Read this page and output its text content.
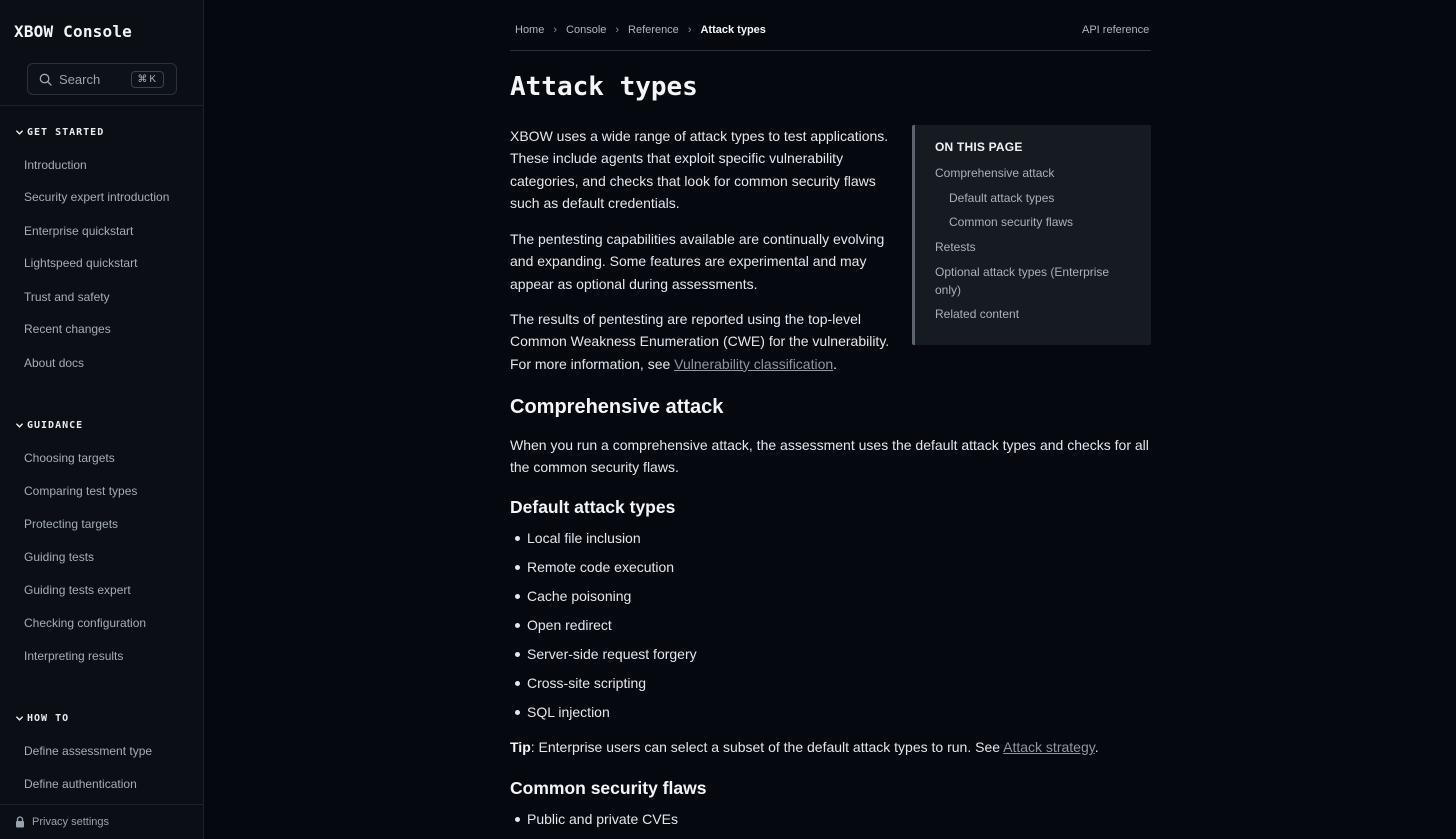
XBOW Console
Search	⌘K
GET STARTED
Introduction
Security expert introduction
Enterprise quickstart
Lightspeed quickstart
Trust and safety
Recent changes
About docs
GUIDANCE
Choosing targets
Comparing test types
Protecting targets
Guiding tests
Guiding tests expert
Checking configuration
Interpreting results
HOW TO
Define assessment type
Define authentication
Privacy settings
Home › Console › Reference › Attack types	API reference
Attack types

XBOW uses a wide range of attack types to test applications. These include agents that exploit specific vulnerability categories, and checks that look for common security flaws such as default credentials.

The pentesting capabilities available are continually evolving and expanding. Some features are experimental and may appear as optional during assessments.

The results of pentesting are reported using the top-level Common Weakness Enumeration (CWE) for the vulnerability. For more information, see Vulnerability classification.

Comprehensive attack

When you run a comprehensive attack, the assessment uses the default attack types and checks for all the common security flaws.

Default attack types
Local file inclusion
Remote code execution
Cache poisoning
Open redirect
Server-side request forgery
Cross-site scripting
SQL injection

Tip: Enterprise users can select a subset of the default attack types to run. See Attack strategy.

Common security flaws
Public and private CVEs
ON THIS PAGE
Comprehensive attack
Default attack types
Common security flaws
Retests
Optional attack types (Enterprise only)
Related content
